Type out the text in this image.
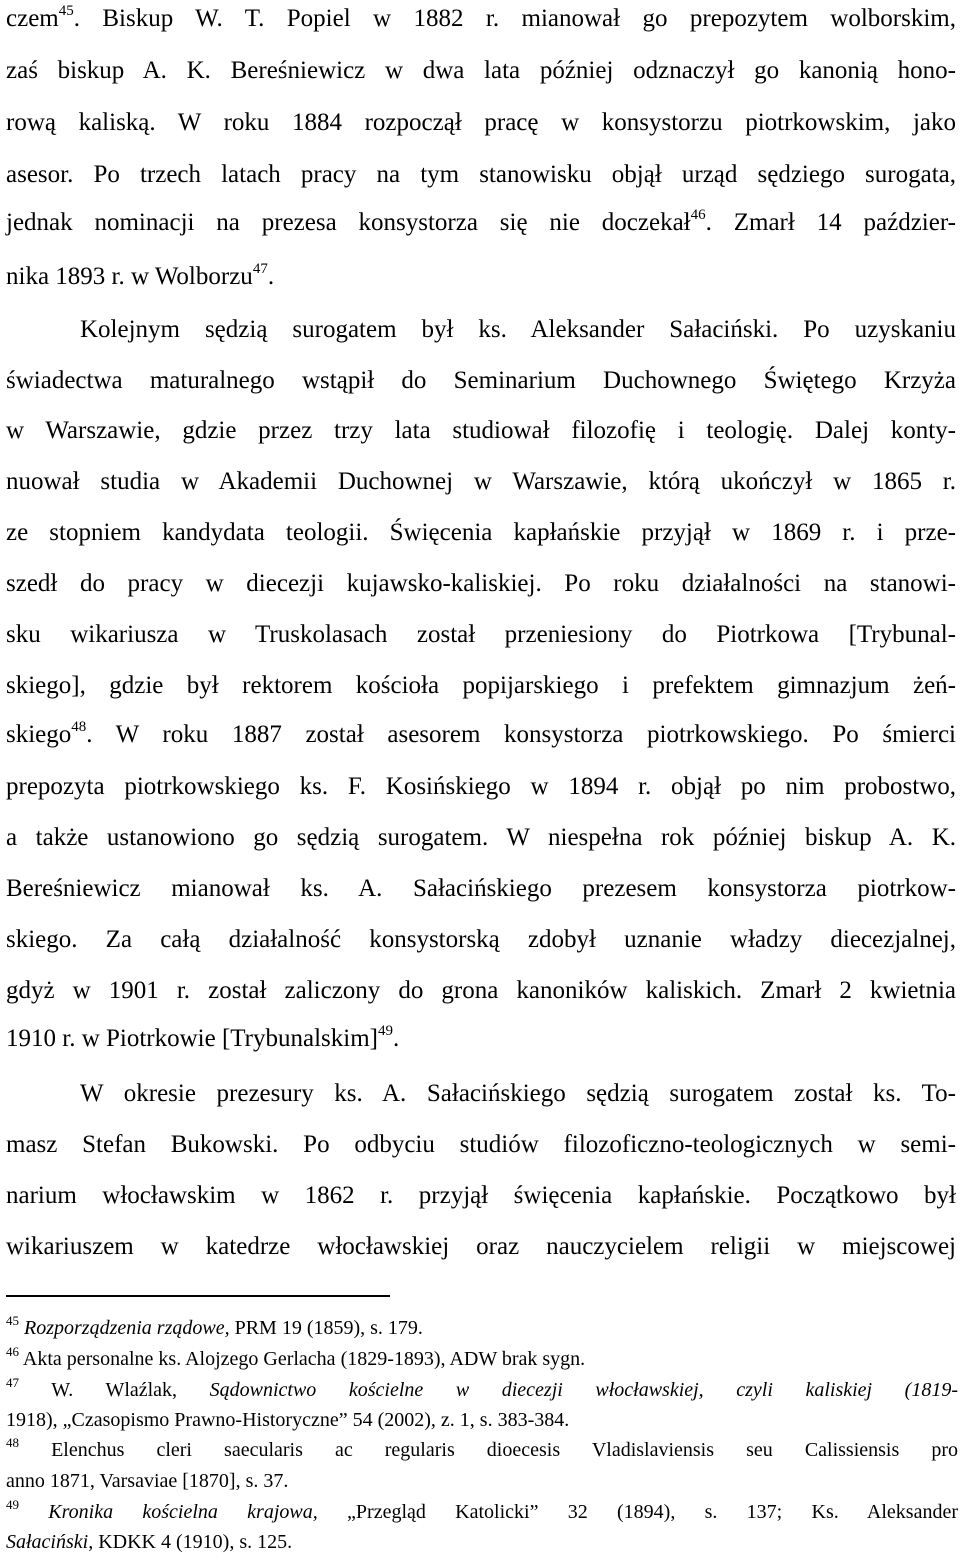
czem$^{45}$. Biskup W. T. Popiel w 1882 r. mianował go prepozytem wolborskim,
zaś biskup A. K. Bereśniewicz w dwa lata później odznaczył go kanonią hono-
rową kaliską. W roku 1884 rozpoczął pracę w konsystorzu piotrkowskim, jako
asesor. Po trzech latach pracy na tym stanowisku objął urząd sędziego surogata,
jednak nominacji na prezesa konsystorza się nie doczekał$^{46}$. Zmarł 14 paździer-
nika 1893 r. w Wolborzu$^{47}$.
Kolejnym sędzią surogatem był ks. Aleksander Sałaciński. Po uzyskaniu
świadectwa maturalnego wstąpił do Seminarium Duchownego Świętego Krzyża
w Warszawie, gdzie przez trzy lata studiował filozofię i teologię. Dalej konty-
nuował studia w Akademii Duchownej w Warszawie, którą ukończył w 1865 r.
ze stopniem kandydata teologii. Święcenia kapłańskie przyjął w 1869 r. i prze-
szedł do pracy w diecezji kujawsko-kaliskiej. Po roku działalności na stanowi-
sku wikariusza w Truskolasach został przeniesiony do Piotrkowa [Trybunal-
skiego], gdzie był rektorem kościoła popijarskiego i prefektem gimnazjum żeń-
skiego$^{48}$. W roku 1887 został asesorem konsystorza piotrkowskiego. Po śmierci
prepozyta piotrkowskiego ks. F. Kosińskiego w 1894 r. objął po nim probostwo,
a także ustanowiono go sędzią surogatem. W niespełna rok później biskup A. K.
Bereśniewicz mianował ks. A. Sałacińskiego prezesem konsystorza piotrkow-
skiego. Za całą działalność konsystorską zdobył uznanie władzy diecezjalnej,
gdyż w 1901 r. został zaliczony do grona kanoników kaliskich. Zmarł 2 kwietnia
1910 r. w Piotrkowie [Trybunalskim]$^{49}$.
W okresie prezesury ks. A. Sałacińskiego sędzią surogatem został ks. To-
masz Stefan Bukowski. Po odbyciu studiów filozoficzno-teologicznych w semi-
narium włocławskim w 1862 r. przyjął święcenia kapłańskie. Początkowo był
wikariuszem w katedrze włocławskiej oraz nauczycielem religii w miejscowej
$^{45}$ Rozporządzenia rządowe, PRM 19 (1859), s. 179.
$^{46}$ Akta personalne ks. Alojzego Gerlacha (1829-1893), ADW brak sygn.
$^{47}$ W. Wlaźlak, Sądownictwo kościelne w diecezji włocławskiej, czyli kaliskiej (1819-
1918), „Czasopismo Prawno-Historyczne” 54 (2002), z. 1, s. 383-384.
$^{48}$ Elenchus cleri saecularis ac regularis dioecesis Vladislaviensis seu Calissiensis pro
anno 1871, Varsaviae [1870], s. 37.
$^{49}$ Kronika kościelna krajowa, „Przegląd Katolicki” 32 (1894), s. 137; Ks. Aleksander
Sałaciński, KDKK 4 (1910), s. 125.
